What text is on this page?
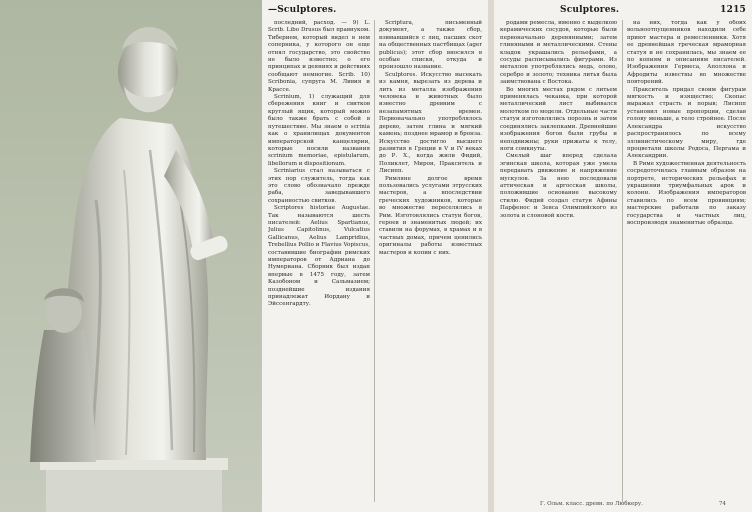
—Sculptores.

последний, расход. — 9) L. Scrib. Libo Drusus был правнуком. Тиберием, который видел в нем соперника, у которого он еще отнял государство, это свойство не было известно; о его принципах и деяниях и действиях сообщают немногие. Scrib. 10) Scribonia, супруга М. Ливия и Крассе.

Scrinium, 1) служащий для сбережения книг и свитков круглый ящик, который можно было также брать с собой в путешествие. Мы знаем о scrinia как о хранилищах документов императорской канцелярии, которые носили названия scrinium memoriae, epistularum, libellorum и dispositionum.

Scriniarius стал называться с этих пор служитель, тогда как это слово обозначало прежде раба, заведывавшего сохранностью свитков.

Scriptores historiae Augustae. Так называются шесть писателей: Aelius Spartianus, Julius Capitolinus, Vulcatius Gallicanus, Aelius Lampridius, Trebellius Pollio и Flavius Vopiscus, составившие биографии римских императоров от Адриана до Нумериана. Сборник был издан впервые в 1475 году, затем Казобоном и Сальмазием; позднейшие издания принадлежат Иордану и Эйссенгардту.

Scriptura, письменный документ, а также сбор, взимавшийся с лиц, пасших скот на общественных пастбищах (ager publicus); этот сбор вносился в особые списки, откуда и произошло название.

Sculptores. Искусство высекать из камня, вырезать из дерева и лить из металла изображения человека и животных было известно древним с незапамятных времен. Первоначально употреблялось дерево, затем глина и мягкий камень; позднее мрамор и бронза. Искусство достигло высшего развития в Греции в V и IV веках до Р. Х., когда жили Фидий, Поликлет, Мирон, Пракситель и Лисипп.

Римляне долгое время пользовались услугами этрусских мастеров, а впоследствии греческих художников, которые во множестве переселялись в Рим. Изготовлялись статуи богов, героев и знаменитых людей; их ставили на форумах, в храмах и в частных домах, причем ценились оригиналы работы известных мастеров и копии с них.

Sculptores.	1215

родами ремесла, именно с выделкою керамических сосудов, которые были первоначально деревянными; затем глиняными и металлическими. Стены кладок украшались рельефами, а сосуды расписывались фигурами. Из металлов употреблялись медь, олово, серебро и золото; техника литья была заимствована с Востока.

Во многих местах рядом с литьем применялась чеканка, при которой металлический лист выбивался молотком по модели. Отдельные части статуи изготовлялись порознь и затем соединялись заклепками. Древнейшие изображения богов были грубы и неподвижны; руки прижаты к телу, ноги сомкнуты.

Смелый шаг вперед сделала эгинская школа, которая уже умела передавать движение и напряжение мускулов. За нею последовали аттическая и аргосская школы, положившие основание высокому стилю. Фидий создал статуи Афины Парфенос и Зевса Олимпийского из золота и слоновой кости.

на них, тогда как у обоих вольноотпущенников находили себе приют мастера и ремесленники. Хотя ее древнейшая греческая мраморная статуя и не сохранилась, мы знаем ее по копиям и описаниям писателей. Изображения Гермеса, Аполлона и Афродиты известны во множестве повторений.

Пракситель придал своим фигурам мягкость и изящество; Скопас выражал страсть и порыв; Лисипп установил новые пропорции, сделав голову меньше, а тело стройнее. После Александра искусство распространилось по всему эллинистическому миру, где процветали школы Родоса, Пергама и Александрии.

В Риме художественная деятельность сосредоточилась главным образом на портрете, исторических рельефах и украшении триумфальных арок и колонн. Изображения императоров ставились по всем провинциям; мастерские работали по заказу государства и частных лиц, воспроизводя знаменитые образцы.

Г. Ольм. класс. древн. по Любкеру.	74
